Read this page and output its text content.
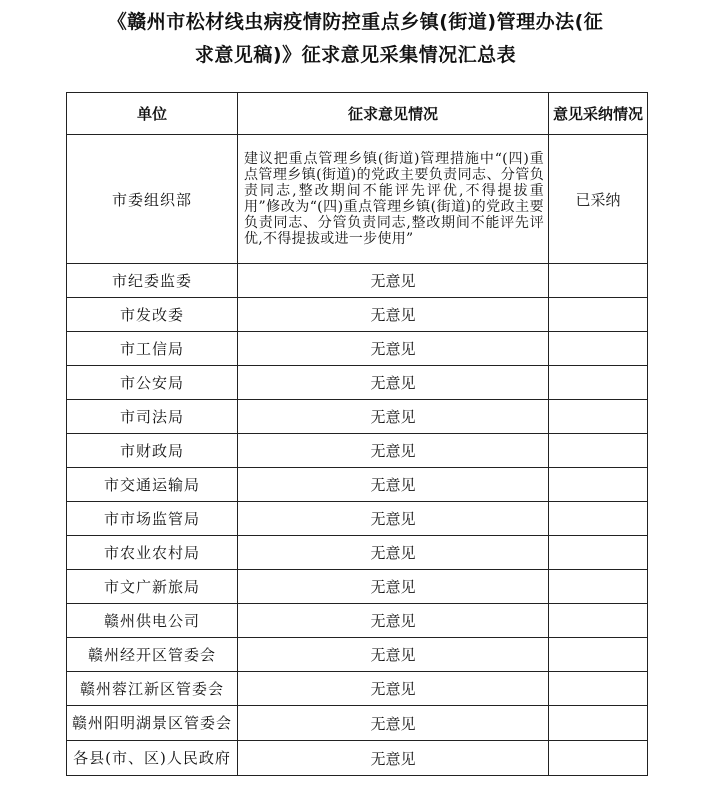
《赣州市松材线虫病疫情防控重点乡镇(街道)管理办法(征
求意见稿)》征求意见采集情况汇总表
单位	征求意见情况	意见采纳情况
市委组织部	建议把重点管理乡镇(街道)管理措施中“(四)重点管理乡镇(街道)的党政主要负责同志、分管负责同志,整改期间不能评先评优,不得提拔重用”修改为“(四)重点管理乡镇(街道)的党政主要负责同志、分管负责同志,整改期间不能评先评优,不得提拔或进一步使用”	已采纳
市纪委监委	无意见	
市发改委	无意见	
市工信局	无意见	
市公安局	无意见	
市司法局	无意见	
市财政局	无意见	
市交通运输局	无意见	
市市场监管局	无意见	
市农业农村局	无意见	
市文广新旅局	无意见	
赣州供电公司	无意见	
赣州经开区管委会	无意见	
赣州蓉江新区管委会	无意见	
赣州阳明湖景区管委会	无意见	
各县(市、区)人民政府	无意见	
